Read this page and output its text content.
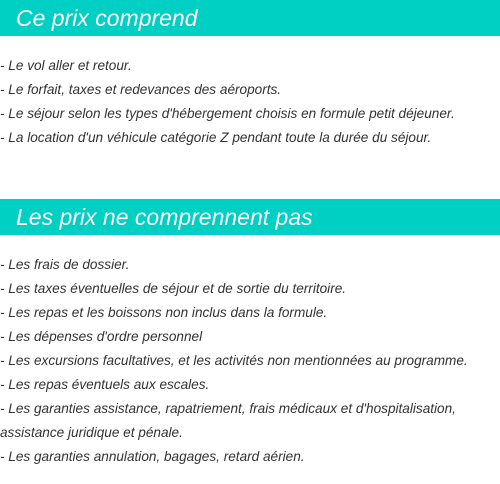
Ce prix comprend
- Le vol aller et retour.
- Le forfait, taxes et redevances des aéroports.
- Le séjour selon les types d'hébergement choisis en formule petit déjeuner.
- La location d'un véhicule catégorie Z pendant toute la durée du séjour.
Les prix ne comprennent pas
- Les frais de dossier.
- Les taxes éventuelles de séjour et de sortie du territoire.
- Les repas et les boissons non inclus dans la formule.
- Les dépenses d'ordre personnel
- Les excursions facultatives, et les activités non mentionnées au programme.
- Les repas éventuels aux escales.
- Les garanties assistance, rapatriement, frais médicaux et d'hospitalisation, assistance juridique et pénale.
- Les garanties annulation, bagages, retard aérien.
